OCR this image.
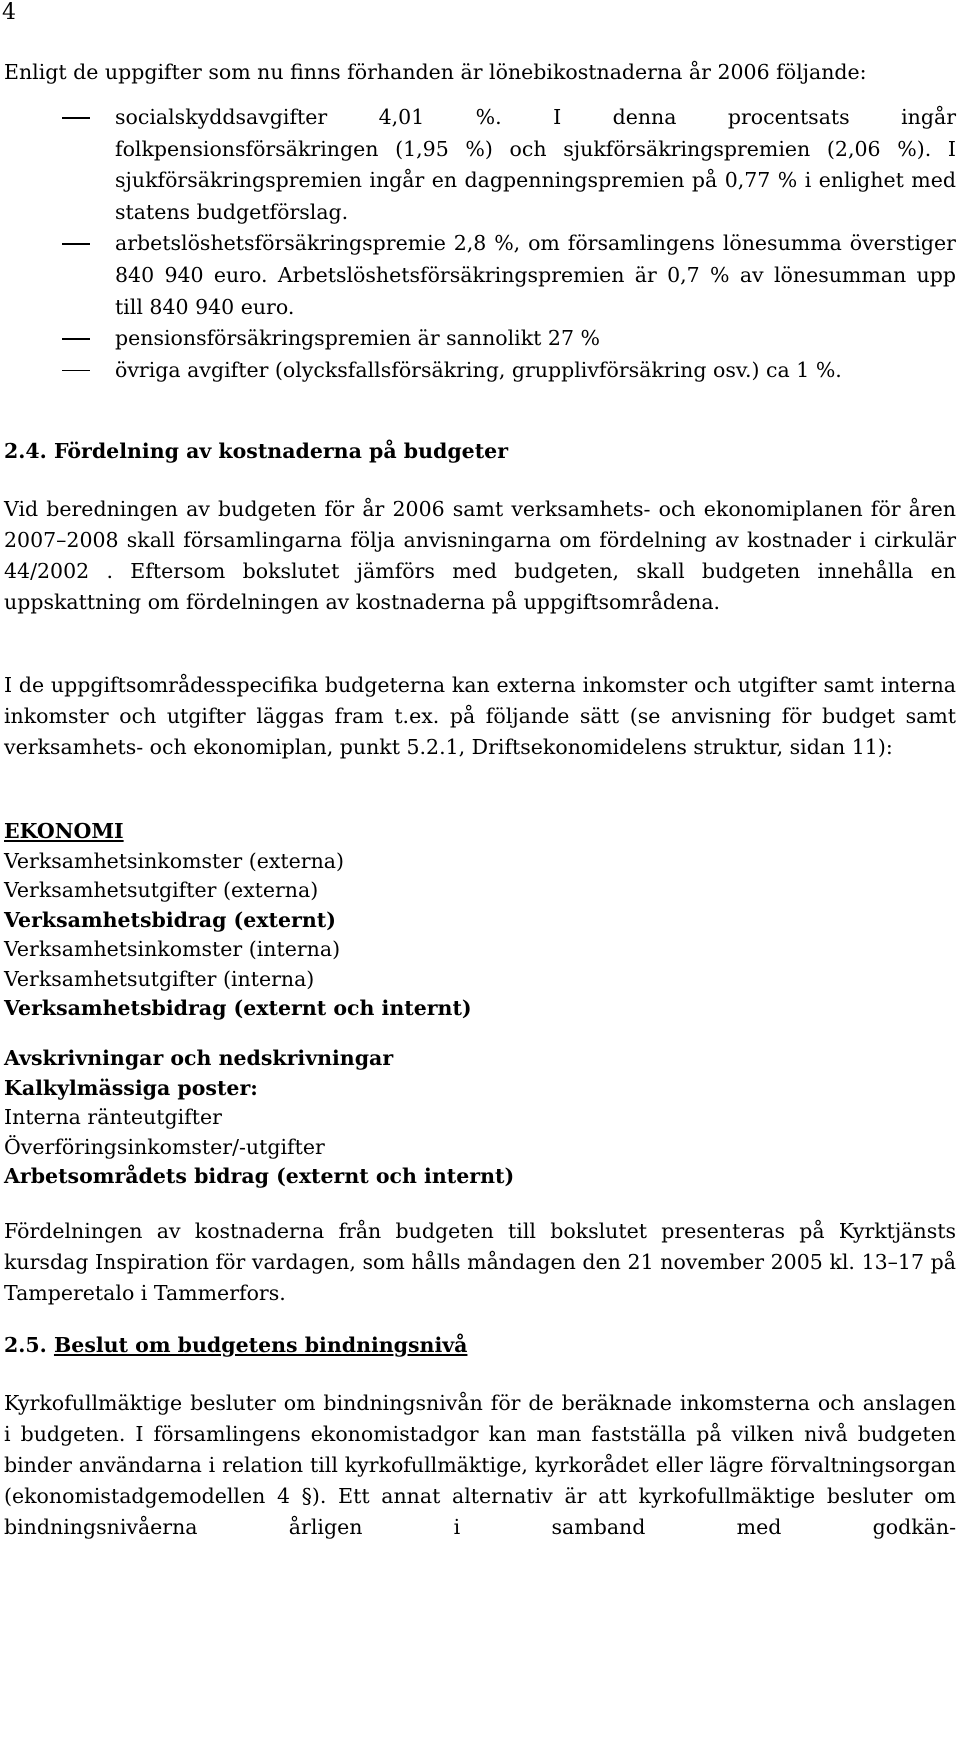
4
Enligt de uppgifter som nu finns förhanden är lönebikostnaderna år 2006 följande:
socialskyddsavgifter 4,01 %. I denna procentsats ingår folkpensionsförsäkringen (1,95 %) och sjukförsäkringspremien (2,06 %). I sjukförsäkringspremien ingår en dagpenningspremien på 0,77 % i enlighet med statens budgetförslag.
arbetslöshetsförsäkringspremie 2,8 %, om församlingens lönesumma överstiger 840 940 euro. Arbetslöshetsförsäkringspremien är 0,7 % av lönesumman upp till 840 940 euro.
pensionsförsäkringspremien är sannolikt 27 %
övriga avgifter (olycksfallsförsäkring, grupplivförsäkring osv.) ca 1 %.
2.4. Fördelning av kostnaderna på budgeter

Vid beredningen av budgeten för år 2006 samt verksamhets- och ekonomiplanen för åren 2007–2008 skall församlingarna följa anvisningarna om fördelning av kostnader i cirkulär 44/2002 . Eftersom bokslutet jämförs med budgeten, skall budgeten innehålla en uppskattning om fördelningen av kostnaderna på uppgiftsområdena.

I de uppgiftsområdesspecifika budgeterna kan externa inkomster och utgifter samt interna inkomster och utgifter läggas fram t.ex. på följande sätt (se anvisning för budget samt verksamhets- och ekonomiplan, punkt 5.2.1, Driftsekonomidelens struktur, sidan 11):

EKONOMI
Verksamhetsinkomster (externa)
Verksamhetsutgifter (externa)
Verksamhetsbidrag (externt)
Verksamhetsinkomster (interna)
Verksamhetsutgifter (interna)
Verksamhetsbidrag (externt och internt)
Avskrivningar och nedskrivningar
Kalkylmässiga poster:
Interna ränteutgifter
Överföringsinkomster/-utgifter
Arbetsområdets bidrag (externt och internt)

Fördelningen av kostnaderna från budgeten till bokslutet presenteras på Kyrktjänsts kursdag Inspiration för vardagen, som hålls måndagen den 21 november 2005 kl. 13–17 på Tamperetalo i Tammerfors.

2.5. Beslut om budgetens bindningsnivå

Kyrkofullmäktige besluter om bindningsnivån för de beräknade inkomsterna och anslagen i budgeten. I församlingens ekonomistadgor kan man fastställa på vilken nivå budgeten binder användarna i relation till kyrkofullmäktige, kyrkorådet eller lägre förvaltningsorgan (ekonomistadgemodellen 4 §). Ett annat alternativ är att kyrkofullmäktige besluter om bindningsnivåerna årligen i samband med godkän-
